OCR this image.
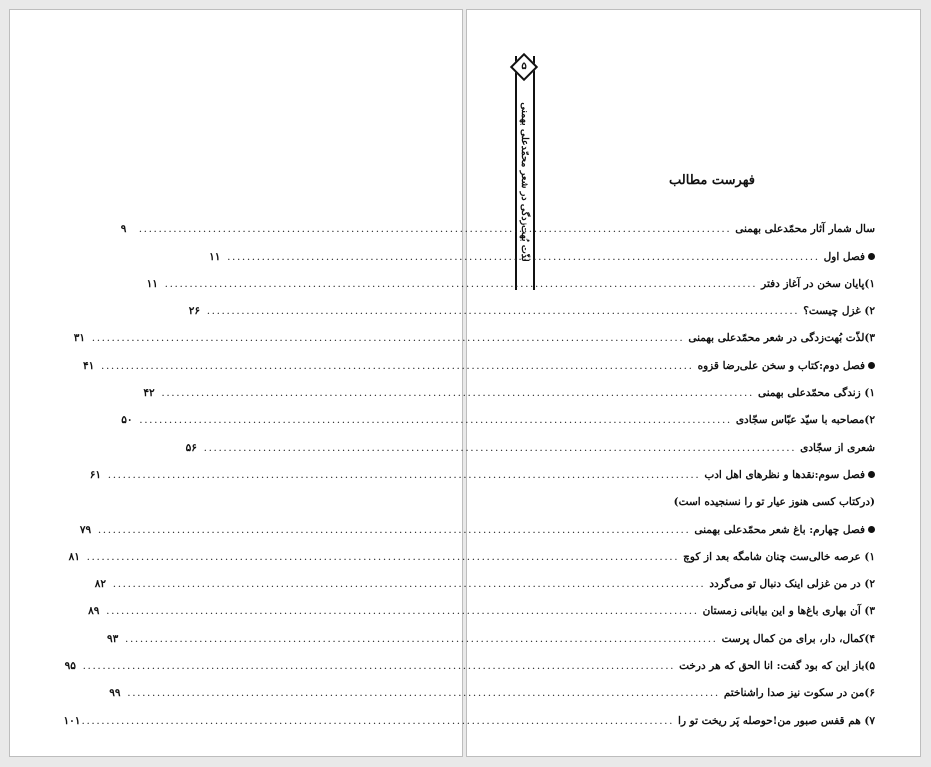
۵
لذّت بُهت‌زدگی در شعر محمّدعلی بهمنی	فهرست مطالب
سال شمار آثار محمّدعلی بهمنی
........................................................................................................................
۹
فصل اول
........................................................................................................................
۱۱
۱)پایان سخن در آغاز دفتر
........................................................................................................................
۱۱
۲) غزل چیست؟
........................................................................................................................
۲۶
۳)لذّت بُهت‌زدگی در شعر محمّدعلی بهمنی
........................................................................................................................
۳۱
فصل دوم:کتاب و سخن علی‌رضا قزوه
........................................................................................................................
۴۱
۱) زندگی محمّدعلی بهمنی
........................................................................................................................
۴۲
۲)مصاحبه با سیّد عبّاس سجّادی
........................................................................................................................
۵۰
شعری از سجّادی
........................................................................................................................
۵۶
فصل سوم:نقدها و نظرهای اهل ادب
........................................................................................................................
۶۱
(درکتاب کسی هنوز عیار تو را نسنجیده است)
فصل چهارم: باغ شعر محمّدعلی بهمنی
........................................................................................................................
۷۹
۱) عرصه خالی‌ست چنان شامگه بعد از کوچ
........................................................................................................................
۸۱
۲) در من غزلی اینک دنبال تو می‌گردد
........................................................................................................................
۸۲
۳) آن بهاری باغ‌ها و این بیابانی زمستان
........................................................................................................................
۸۹
۴)کمال، دار، برای من کمال پرست
........................................................................................................................
۹۳
۵)باز این که بود گفت: انا الحق که هر درخت
........................................................................................................................
۹۵
۶)من در سکوت نیز صدا راشناختم
........................................................................................................................
۹۹
۷) هم قفس صبور من!حوصله پَر ریخت تو را
........................................................................................................................
۱۰۱
